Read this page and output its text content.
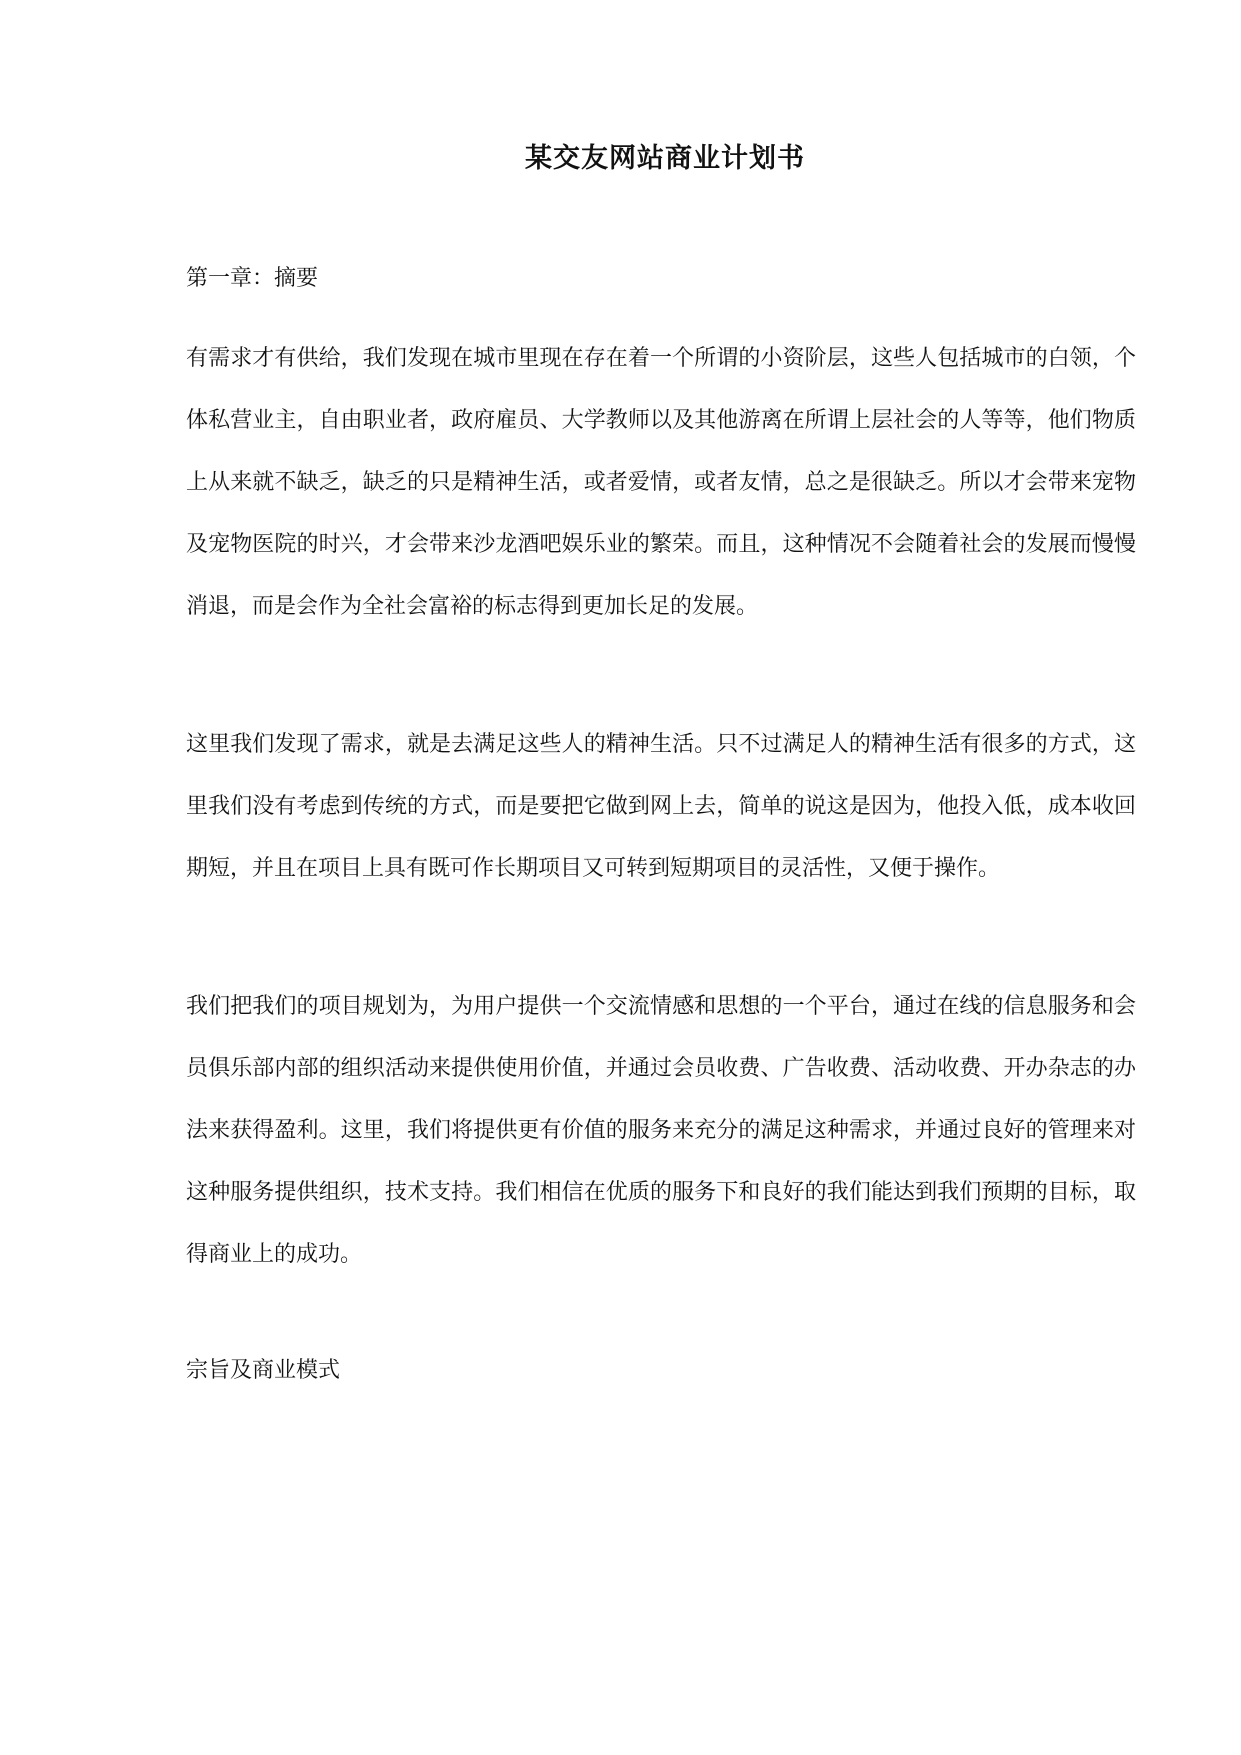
某交友网站商业计划书

第一章：摘要

有需求才有供给，我们发现在城市里现在存在着一个所谓的小资阶层，这些人包括城市的白领，个体私营业主，自由职业者，政府雇员、大学教师以及其他游离在所谓上层社会的人等等，他们物质上从来就不缺乏，缺乏的只是精神生活，或者爱情，或者友情，总之是很缺乏。所以才会带来宠物及宠物医院的时兴，才会带来沙龙酒吧娱乐业的繁荣。而且，这种情况不会随着社会的发展而慢慢消退，而是会作为全社会富裕的标志得到更加长足的发展。

这里我们发现了需求，就是去满足这些人的精神生活。只不过满足人的精神生活有很多的方式，这里我们没有考虑到传统的方式，而是要把它做到网上去，简单的说这是因为，他投入低，成本收回期短，并且在项目上具有既可作长期项目又可转到短期项目的灵活性，又便于操作。

我们把我们的项目规划为，为用户提供一个交流情感和思想的一个平台，通过在线的信息服务和会员俱乐部内部的组织活动来提供使用价值，并通过会员收费、广告收费、活动收费、开办杂志的办法来获得盈利。这里，我们将提供更有价值的服务来充分的满足这种需求，并通过良好的管理来对这种服务提供组织，技术支持。我们相信在优质的服务下和良好的我们能达到我们预期的目标，取得商业上的成功。

宗旨及商业模式
